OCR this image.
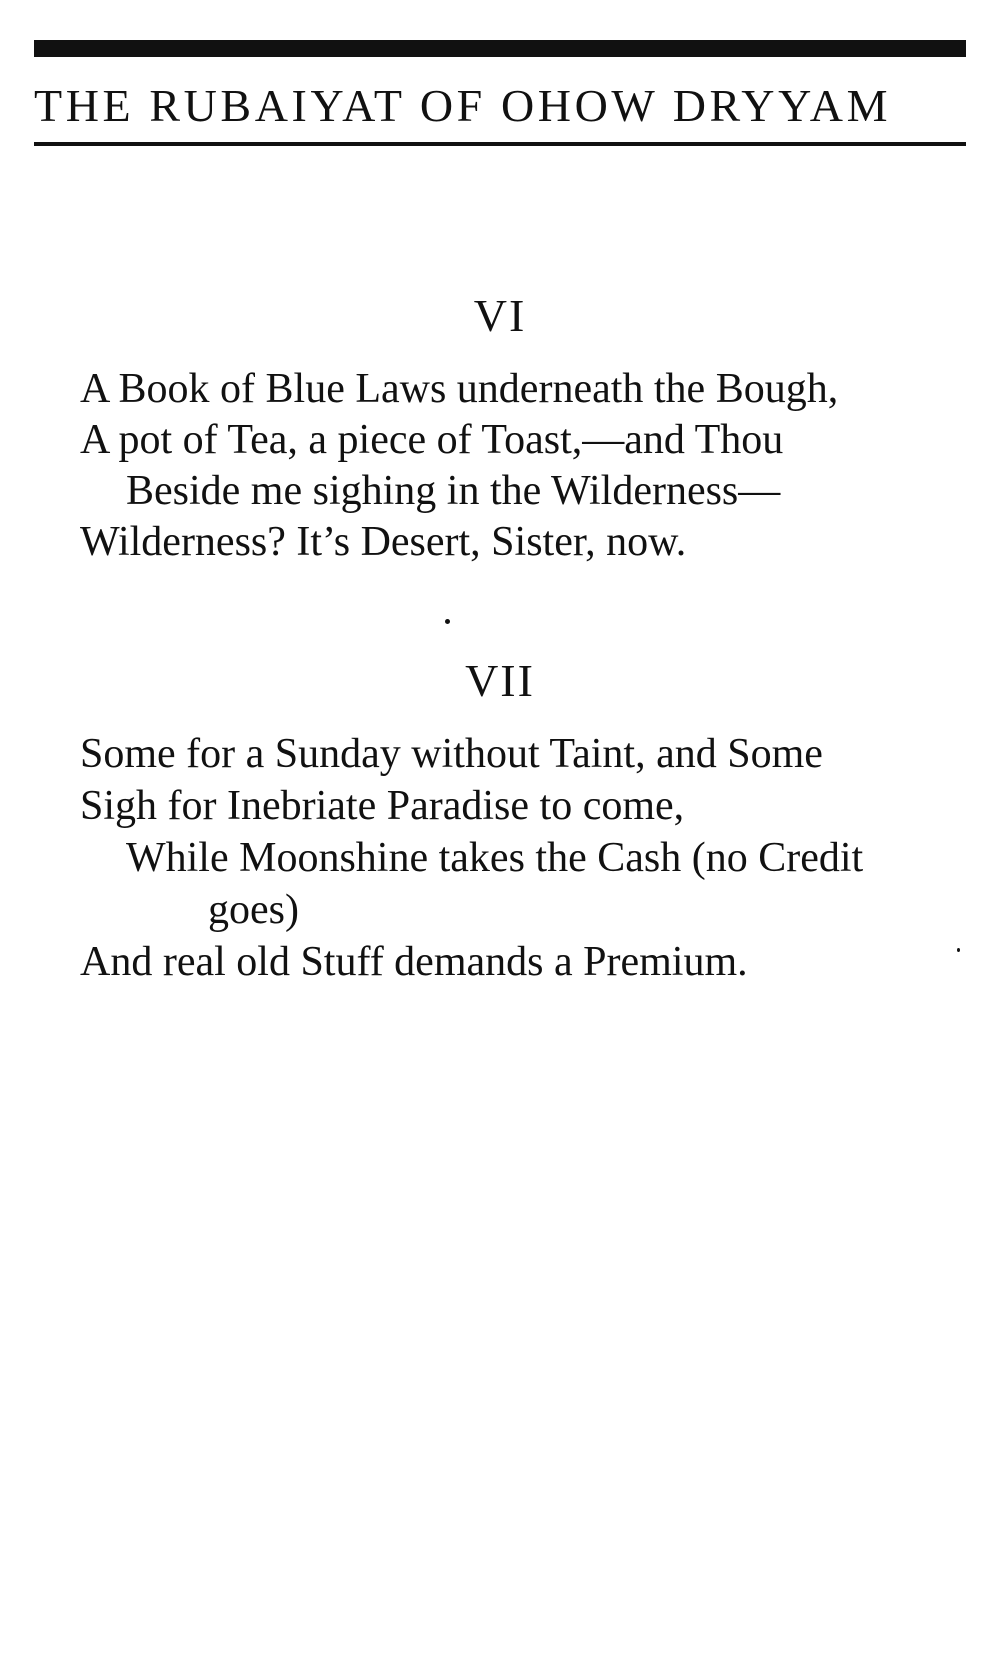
THE RUBAIYAT OF OHOW DRYYAM
VI
A Book of Blue Laws underneath the Bough,
A pot of Tea, a piece of Toast,—and Thou
Beside me sighing in the Wilderness—
Wilderness? It’s Desert, Sister, now.
VII
Some for a Sunday without Taint, and Some
Sigh for Inebriate Paradise to come,
While Moonshine takes the Cash (no Credit
goes)
And real old Stuff demands a Premium.
